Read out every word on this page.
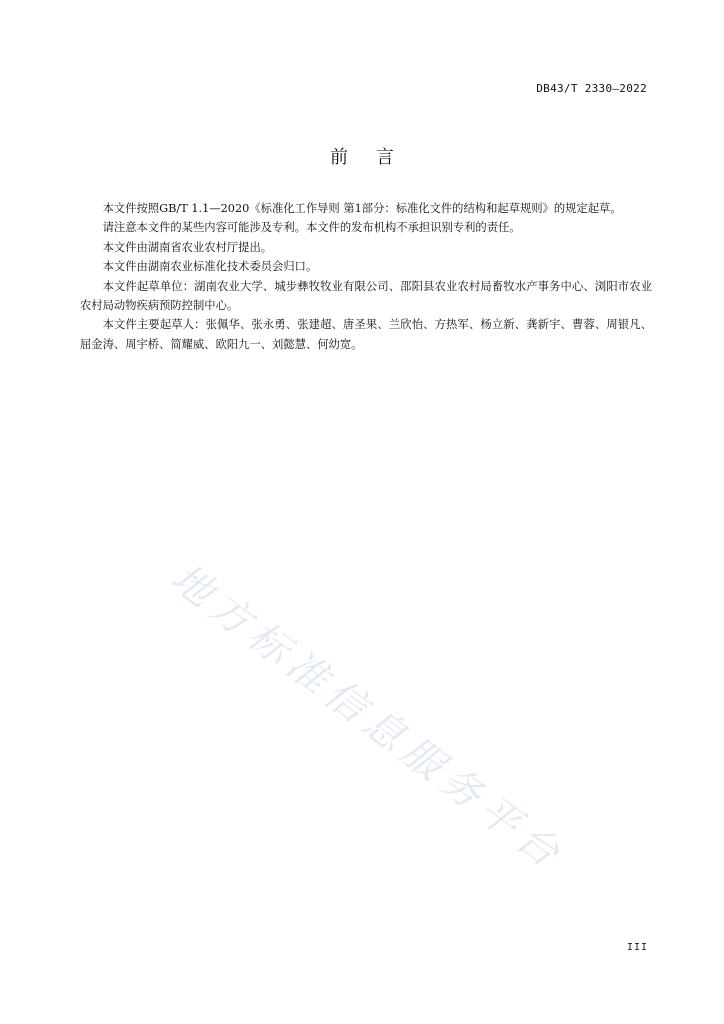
DB43/T 2330—2022
前言

本文件按照GB/T 1.1—2020《标准化工作导则 第1部分：标准化文件的结构和起草规则》的规定起草。

请注意本文件的某些内容可能涉及专利。本文件的发布机构不承担识别专利的责任。

本文件由湖南省农业农村厅提出。

本文件由湖南农业标准化技术委员会归口。

本文件起草单位：湖南农业大学、城步彝牧牧业有限公司、邵阳县农业农村局畜牧水产事务中心、浏阳市农业农村局动物疾病预防控制中心。

本文件主要起草人：张佩华、张永勇、张建超、唐圣果、兰欣怡、方热军、杨立新、龚新宇、曹蓉、周银凡、屈金涛、周宇桥、简耀威、欧阳九一、刘懿慧、何幼宽。

地方标准信息服务平台
III
